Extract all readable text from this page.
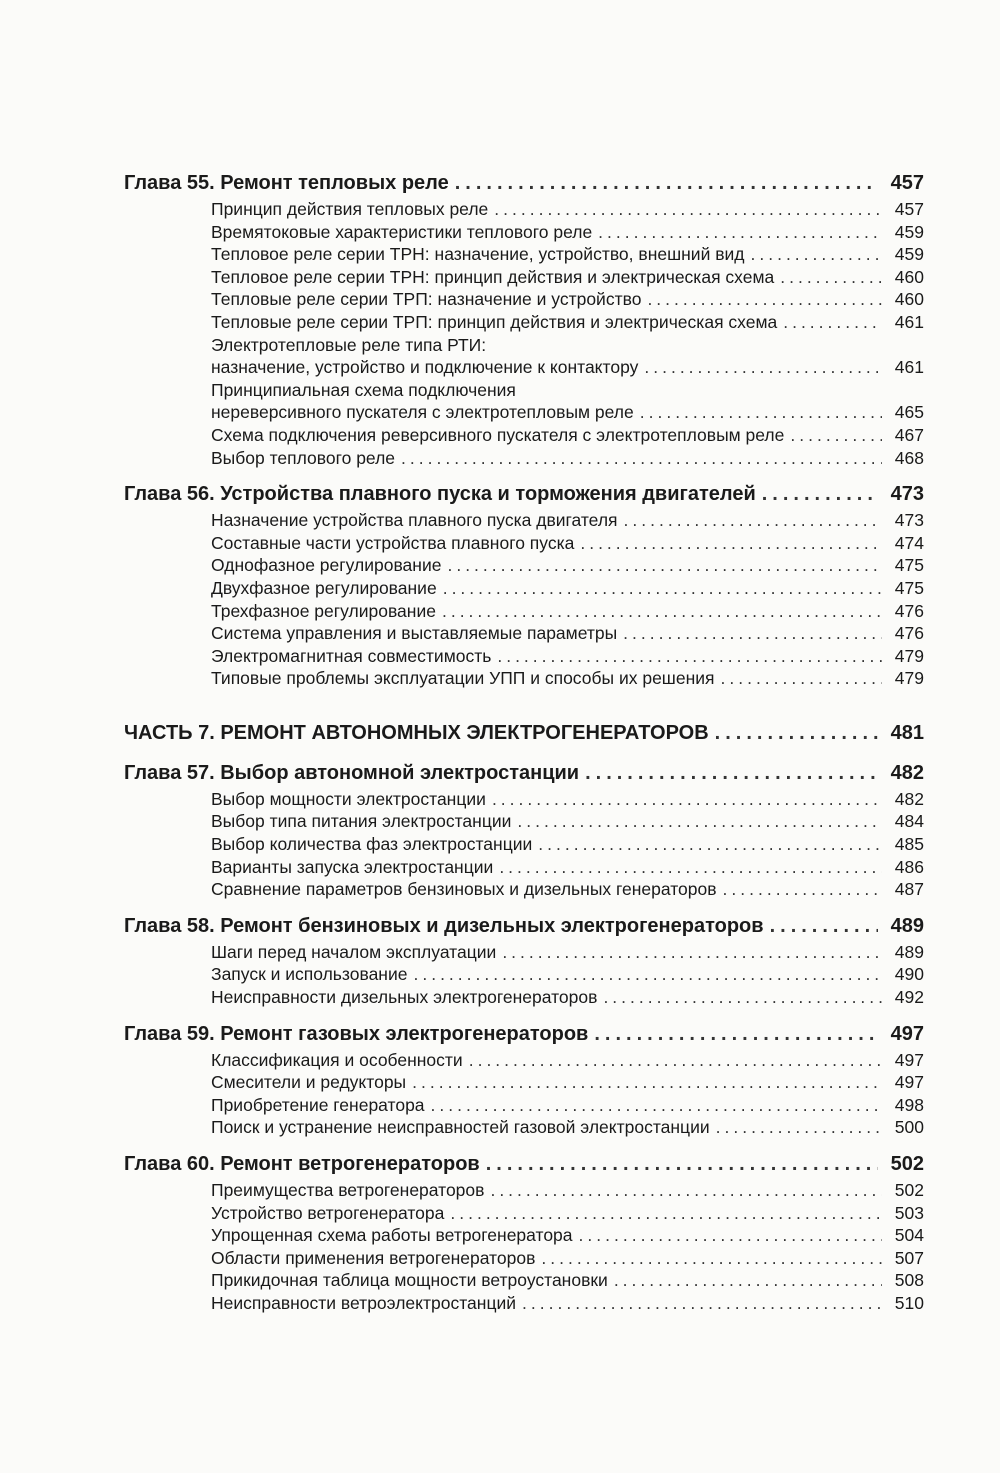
Глава 55. Ремонт тепловых реле .....	457
Принцип действия тепловых реле .....	457
Времятоковые характеристики теплового реле .....	459
Тепловое реле серии ТРН: назначение, устройство, внешний вид .....	459
Тепловое реле серии ТРН: принцип действия и электрическая схема .....	460
Тепловые реле серии ТРП: назначение и устройство .....	460
Тепловые реле серии ТРП: принцип действия и электрическая схема .....	461
Электротепловые реле типа РТИ:
назначение, устройство и подключение к контактору .....	461
Принципиальная схема подключения
нереверсивного пускателя с электротепловым реле .....	465
Схема подключения реверсивного пускателя с электротепловым реле .....	467
Выбор теплового реле .....	468
Глава 56. Устройства плавного пуска и торможения двигателей .....	473
Назначение устройства плавного пуска двигателя .....	473
Составные части устройства плавного пуска .....	474
Однофазное регулирование .....	475
Двухфазное регулирование .....	475
Трехфазное регулирование .....	476
Система управления и выставляемые параметры .....	476
Электромагнитная совместимость .....	479
Типовые проблемы эксплуатации УПП и способы их решения .....	479
ЧАСТЬ 7. РЕМОНТ АВТОНОМНЫХ ЭЛЕКТРОГЕНЕРАТОРОВ .....	481
Глава 57. Выбор автономной электростанции .....	482
Выбор мощности электростанции .....	482
Выбор типа питания электростанции .....	484
Выбор количества фаз электростанции .....	485
Варианты запуска электростанции .....	486
Сравнение параметров бензиновых и дизельных генераторов .....	487
Глава 58. Ремонт бензиновых и дизельных электрогенераторов .....	489
Шаги перед началом эксплуатации .....	489
Запуск и использование .....	490
Неисправности дизельных электрогенераторов .....	492
Глава 59. Ремонт газовых электрогенераторов .....	497
Классификация и особенности .....	497
Смесители и редукторы .....	497
Приобретение генератора .....	498
Поиск и устранение неисправностей газовой электростанции .....	500
Глава 60. Ремонт ветрогенераторов .....	502
Преимущества ветрогенераторов .....	502
Устройство ветрогенератора .....	503
Упрощенная схема работы ветрогенератора .....	504
Области применения ветрогенераторов .....	507
Прикидочная таблица мощности ветроустановки .....	508
Неисправности ветроэлектростанций .....	510
